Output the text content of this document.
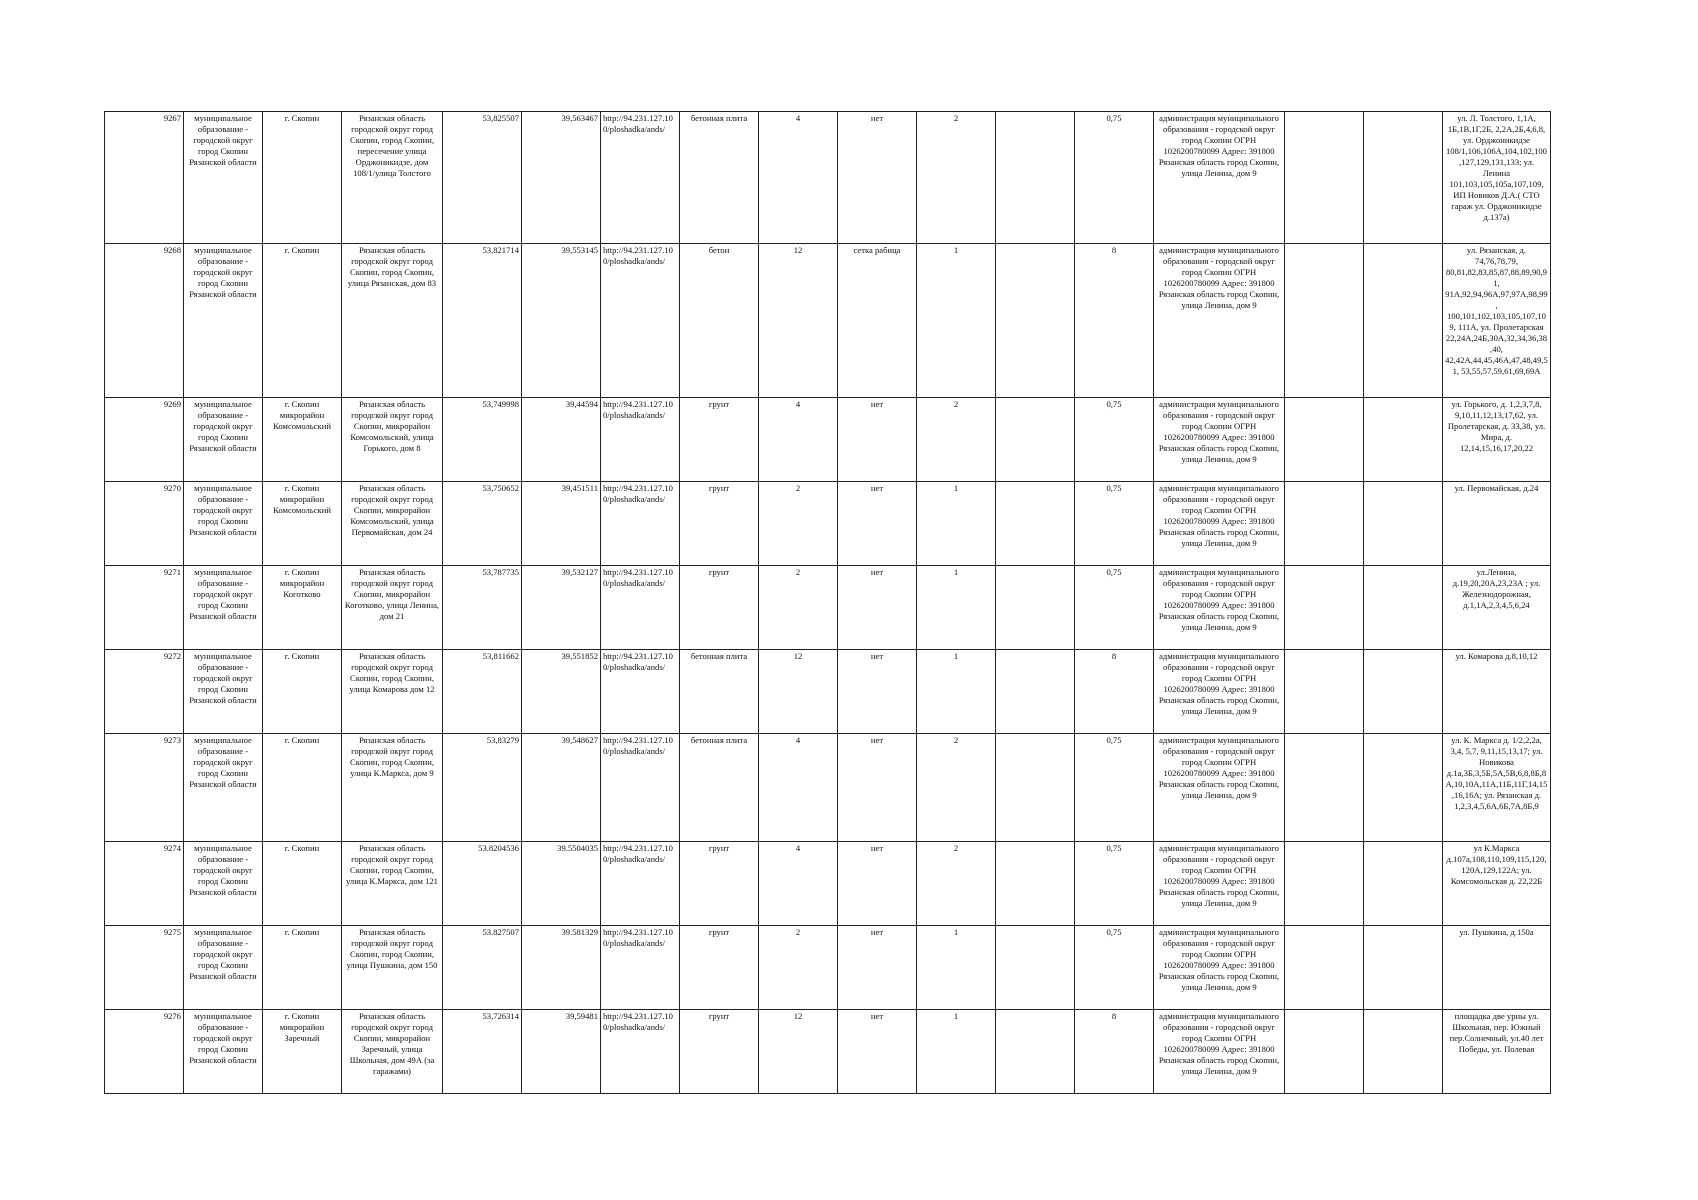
9267	муниципальное образование - городской округ город Скопин Рязанской области	г. Скопин	Рязанская область городской округ город Скопин, город Скопин, пересечение улица Орджоникидзе, дом 108/1/улица Толстого	53,825507	39,563467	http://94.231.127.100/ploshadka/ands/	бетонная плита	4	нет	2		0,75	администрация муниципального образования - городской округ город Скопин ОГРН 1026200780099 Адрес: 391800 Рязанская область город Скопин, улица Ленина, дом 9			ул. Л. Толстого, 1,1А, 1Б,1В,1Г,2Б, 2,2А,2Б,4,6,8, ул. Орджоникидзе 108/1,106,106А,104,102,100,127,129,131,133; ул. Ленина 101,103,105,105а,107,109, ИП Новиков Д.А.( СТО гараж ул. Орджоникидзе д.137а)
9268	муниципальное образование - городской округ город Скопин Рязанской области	г. Скопин	Рязанская область городской округ город Скопин, город Скопин, улица Рязанская, дом 83	53,821714	39,553145	http://94.231.127.100/ploshadka/ands/	бетон	12	сетка рабица	1		8	администрация муниципального образования - городской округ город Скопин ОГРН 1026200780099 Адрес: 391800 Рязанская область город Скопин, улица Ленина, дом 9			ул. Рязанская, д. 74,76,78,79, 80,81,82,83,85,87,88,89,90,91, 91А,92,94,96А,97,97А,98,99, 100,101,102,103,105,107,109, 111А, ул. Пролетарская 22,24А,24Б,30А,32,34,36,38,40, 42,42А,44,45,46А,47,48,49,51, 53,55,57,59,61,69,69А
9269	муниципальное образование - городской округ город Скопин Рязанской области	г. Скопин микрорайон Комсомольский	Рязанская область городской округ город Скопин, микрорайон Комсомольский, улица Горького, дом 8	53,749998	39,44594	http://94.231.127.100/ploshadka/ands/	грунт	4	нет	2		0,75	администрация муниципального образования - городской округ город Скопин ОГРН 1026200780099 Адрес: 391800 Рязанская область город Скопин, улица Ленина, дом 9			ул. Горького, д. 1,2,3,7,8, 9,10,11,12,13,17,62, ул. Пролетарская, д. 33,38, ул. Мира, д. 12,14,15,16,17,20,22
9270	муниципальное образование - городской округ город Скопин Рязанской области	г. Скопин микрорайон Комсомольский	Рязанская область городской округ город Скопин, микрорайон Комсомольский, улица Первомайская, дом 24	53,750652	39,451511	http://94.231.127.100/ploshadka/ands/	грунт	2	нет	1		0,75	администрация муниципального образования - городской округ город Скопин ОГРН 1026200780099 Адрес: 391800 Рязанская область город Скопин, улица Ленина, дом 9			ул. Первомайская, д.24
9271	муниципальное образование - городской округ город Скопин Рязанской области	г. Скопин микрорайон Коготково	Рязанская область городской округ город Скопин, микрорайон Коготково, улица Ленина, дом 21	53,787735	39,532127	http://94.231.127.100/ploshadka/ands/	грунт	2	нет	1		0,75	администрация муниципального образования - городской округ город Скопин ОГРН 1026200780099 Адрес: 391800 Рязанская область город Скопин, улица Ленина, дом 9			ул.Ленина, д.19,20,20А,23,23А ; ул. Железнодорожная, д.1,1А,2,3,4,5,6,24
9272	муниципальное образование - городской округ город Скопин Рязанской области	г. Скопин	Рязанская область городской округ город Скопин, город Скопин, улица Комарова дом 12	53,811662	39,551852	http://94.231.127.100/ploshadka/ands/	бетонная плита	12	нет	1		8	администрация муниципального образования - городской округ город Скопин ОГРН 1026200780099 Адрес: 391800 Рязанская область город Скопин, улица Ленина, дом 9			ул. Комарова д.8,10,12
9273	муниципальное образование - городской округ город Скопин Рязанской области	г. Скопин	Рязанская область городской округ город Скопин, город Скопин, улица К.Маркса, дом 9	53,83279	39,548627	http://94.231.127.100/ploshadka/ands/	бетонная плита	4	нет	2		0,75	администрация муниципального образования - городской округ город Скопин ОГРН 1026200780099 Адрес: 391800 Рязанская область город Скопин, улица Ленина, дом 9			ул. К. Маркса д. 1/2,2,2а, 3,4, 5,7, 9,11,15,13,17; ул. Новикова д.1а,3Б,3,5Б,5А,5В,6,8,8Б,8А,10,10А,11А,11Б,11Г,14,15,16,16А; ул. Рязанская д. 1,2,3,4,5,6А,6Б,7А,8Б,9
9274	муниципальное образование - городской округ город Скопин Рязанской области	г. Скопин	Рязанская область городской округ город Скопин, город Скопин, улица К.Маркса, дом 121	53.8204536	39.5504035	http://94.231.127.100/ploshadka/ands/	грунт	4	нет	2		0,75	администрация муниципального образования - городской округ город Скопин ОГРН 1026200780099 Адрес: 391800 Рязанская область город Скопин, улица Ленина, дом 9			ул К.Маркса д.107а,108,110,109,115,120,120А,129,122А; ул. Комсомольская д. 22,22Б
9275	муниципальное образование - городской округ город Скопин Рязанской области	г. Скопин	Рязанская область городской округ город Скопин, город Скопин, улица Пушкина, дом 150	53.827507	39.581329	http://94.231.127.100/ploshadka/ands/	грунт	2	нет	1		0,75	администрация муниципального образования - городской округ город Скопин ОГРН 1026200780099 Адрес: 391800 Рязанская область город Скопин, улица Ленина, дом 9			ул. Пушкина, д.150а
9276	муниципальное образование - городской округ город Скопин Рязанской области	г. Скопин микрорайон Заречный	Рязанская область городской округ город Скопин, микрорайон Заречный, улица Школьная, дом 49А (за гаражами)	53,726314	39,59481	http://94.231.127.100/ploshadka/ands/	грунт	12	нет	1		8	администрация муниципального образования - городской округ город Скопин ОГРН 1026200780099 Адрес: 391800 Рязанская область город Скопин, улица Ленина, дом 9			площадка две урны ул. Школьная, пер. Южный пер.Солнечный, ул.40 лет Победы, ул. Полевая
